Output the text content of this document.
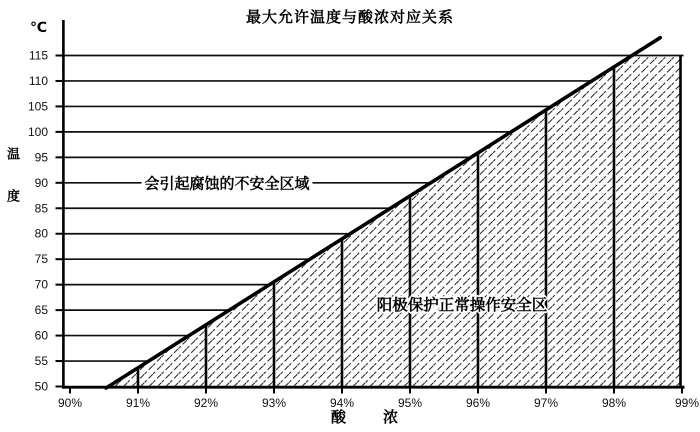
50
55
60
65
70
75
80
85
90
95
100
105
110
115
90%	91%	92%	93%	94%	95%	96%	97%	98%	99%
最大允许温度与酸浓对应关系
℃
温度
酸浓
会引起腐蚀的不安全区域
阳极保护正常操作安全区
